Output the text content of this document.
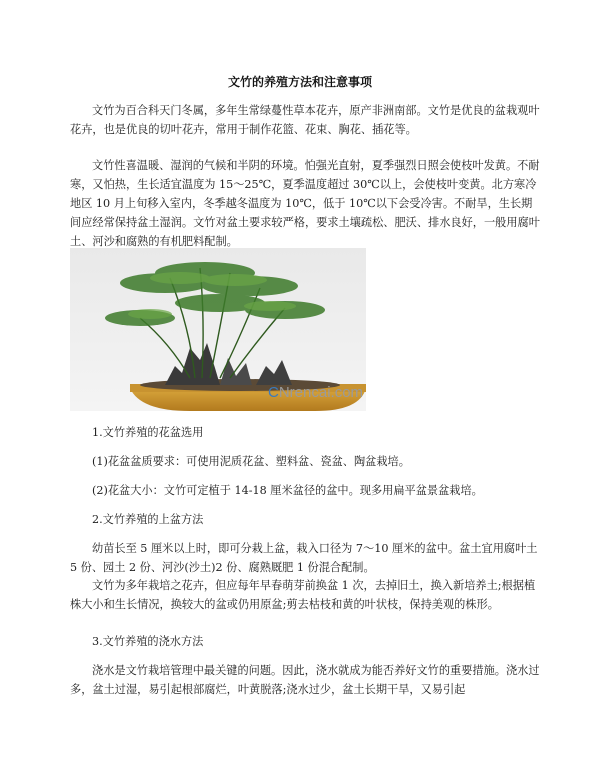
文竹的养殖方法和注意事项

文竹为百合科天门冬属，多年生常绿蔓性草本花卉，原产非洲南部。文竹是优良的盆栽观叶花卉，也是优良的切叶花卉，常用于制作花篮、花束、胸花、插花等。

文竹性喜温暖、湿润的气候和半阴的环境。怕强光直射，夏季强烈日照会使枝叶发黄。不耐寒，又怕热，生长适宜温度为 15～25℃，夏季温度超过 30℃以上，会使枝叶变黄。北方寒冷地区 10 月上旬移入室内，冬季越冬温度为 10℃，低于 10℃以下会受冷害。不耐旱，生长期间应经常保持盆土湿润。文竹对盆土要求较严格，要求土壤疏松、肥沃、排水良好，一般用腐叶土、河沙和腐熟的有机肥料配制。

CNrencai.com

1.文竹养殖的花盆选用

(1)花盆盆质要求：可使用泥质花盆、塑料盆、瓷盆、陶盆栽培。

(2)花盆大小：文竹可定植于 14-18 厘米盆径的盆中。现多用扁平盆景盆栽培。

2.文竹养殖的上盆方法

幼苗长至 5 厘米以上时，即可分栽上盆，栽入口径为 7～10 厘米的盆中。盆土宜用腐叶土 5 份、园土 2 份、河沙(沙土)2 份、腐熟厩肥 1 份混合配制。

文竹为多年栽培之花卉，但应每年早春萌芽前换盆 1 次，去掉旧土，换入新培养土;根据植株大小和生长情况，换较大的盆或仍用原盆;剪去枯枝和黄的叶状枝，保持美观的株形。

3.文竹养殖的浇水方法

浇水是文竹栽培管理中最关键的问题。因此，浇水就成为能否养好文竹的重要措施。浇水过多，盆土过湿，易引起根部腐烂，叶黄脱落;浇水过少，盆土长期干旱，又易引起
